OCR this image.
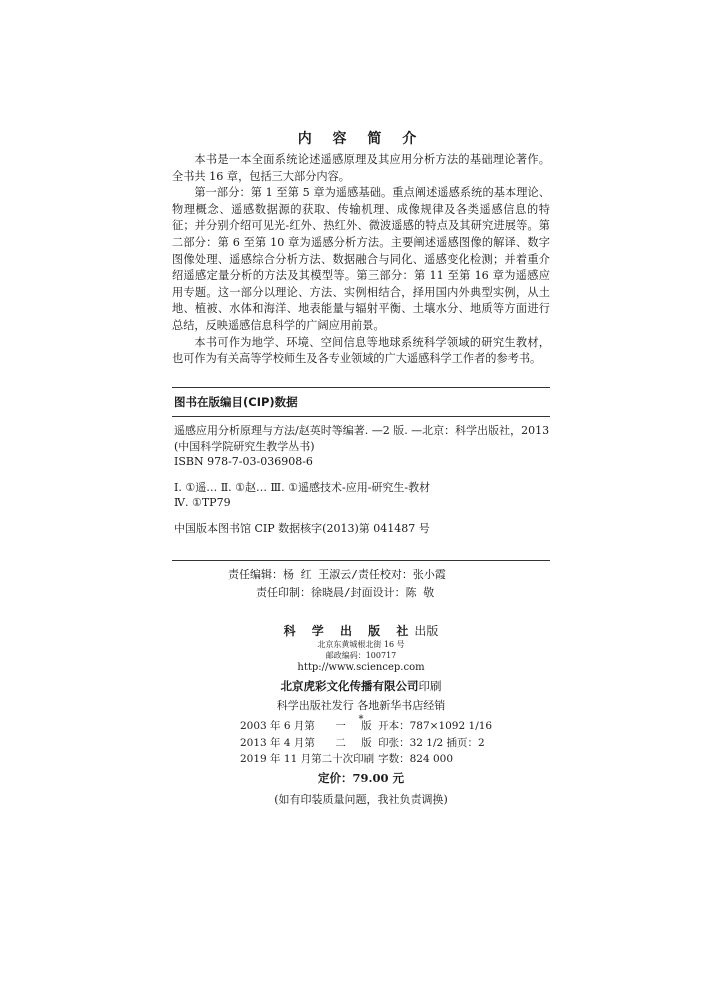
内 容 简 介

本书是一本全面系统论述遥感原理及其应用分析方法的基础理论著作。全书共 16 章，包括三大部分内容。

第一部分：第 1 至第 5 章为遥感基础。重点阐述遥感系统的基本理论、物理概念、遥感数据源的获取、传输机理、成像规律及各类遥感信息的特征；并分别介绍可见光-红外、热红外、微波遥感的特点及其研究进展等。第二部分：第 6 至第 10 章为遥感分析方法。主要阐述遥感图像的解译、数字图像处理、遥感综合分析方法、数据融合与同化、遥感变化检测；并着重介绍遥感定量分析的方法及其模型等。第三部分：第 11 至第 16 章为遥感应用专题。这一部分以理论、方法、实例相结合，择用国内外典型实例，从土地、植被、水体和海洋、地表能量与辐射平衡、土壤水分、地质等方面进行总结，反映遥感信息科学的广阔应用前景。

本书可作为地学、环境、空间信息等地球系统科学领域的研究生教材，也可作为有关高等学校师生及各专业领域的广大遥感科学工作者的参考书。

图书在版编目(CIP)数据
遥感应用分析原理与方法/赵英时等编著. —2 版. —北京：科学出版社，2013
(中国科学院研究生教学丛书)
ISBN 978-7-03-036908-6
Ⅰ. ①遥… Ⅱ. ①赵… Ⅲ. ①遥感技术-应用-研究生-教材
Ⅳ. ①TP79
中国版本图书馆 CIP 数据核字(2013)第 041487 号
责任编辑：杨 红 王淑云/责任校对：张小霞
责任印制：徐晓晨/封面设计：陈 敬
科 学 出 版 社出版
北京东黄城根北街 16 号
邮政编码：100717
http://www.sciencep.com
北京虎彩文化传播有限公司印刷
科学出版社发行 各地新华书店经销
*
2003 年 6 月第	一	版	开本：787×1092 1/16
2013 年 4 月第	二	版	印张：32 1/2 插页：2
2019 年 11 月第二十次印刷			字数：824 000
定价：79.00 元
(如有印装质量问题，我社负责调换)
